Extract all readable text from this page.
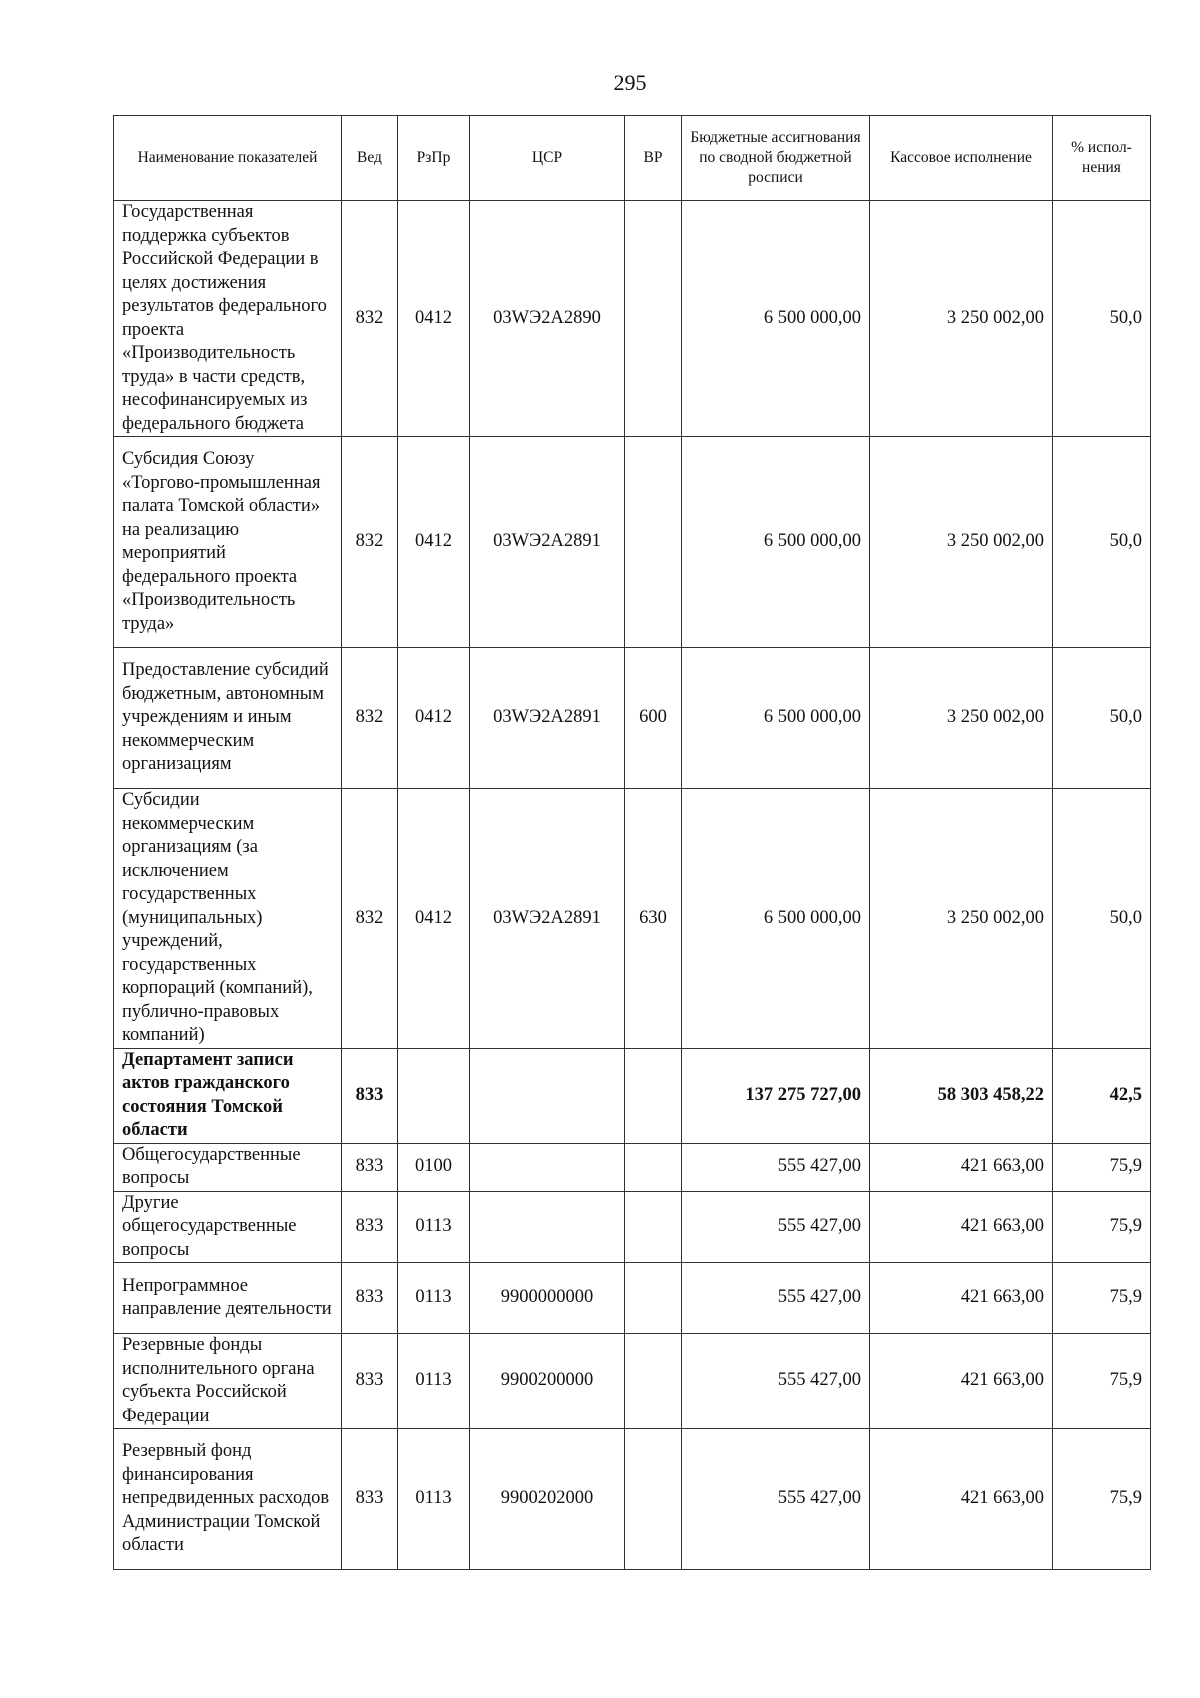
295
Наименование показателей	Вед	РзПр	ЦСР	ВР	Бюджетные ассигнования по сводной бюджетной росписи	Кассовое исполнение	% испол-нения
Государственная поддержка субъектов Российской Федерации в целях достижения результатов федерального проекта «Производительность труда» в части средств, несофинансируемых из федерального бюджета	832	0412	03WЭ2А2890		6 500 000,00	3 250 002,00	50,0
Субсидия Союзу «Торгово-промышленная палата Томской области» на реализацию мероприятий федерального проекта «Производительность труда»	832	0412	03WЭ2А2891		6 500 000,00	3 250 002,00	50,0
Предоставление субсидий бюджетным, автономным учреждениям и иным некоммерческим организациям	832	0412	03WЭ2А2891	600	6 500 000,00	3 250 002,00	50,0
Субсидии некоммерческим организациям (за исключением государственных (муниципальных) учреждений, государственных корпораций (компаний), публично-правовых компаний)	832	0412	03WЭ2А2891	630	6 500 000,00	3 250 002,00	50,0
Департамент записи актов гражданского состояния Томской области	833				137 275 727,00	58 303 458,22	42,5
Общегосударственные вопросы	833	0100			555 427,00	421 663,00	75,9
Другие общегосударственные вопросы	833	0113			555 427,00	421 663,00	75,9
Непрограммное направление деятельности	833	0113	9900000000		555 427,00	421 663,00	75,9
Резервные фонды исполнительного органа субъекта Российской Федерации	833	0113	9900200000		555 427,00	421 663,00	75,9
Резервный фонд финансирования непредвиденных расходов Администрации Томской области	833	0113	9900202000		555 427,00	421 663,00	75,9
